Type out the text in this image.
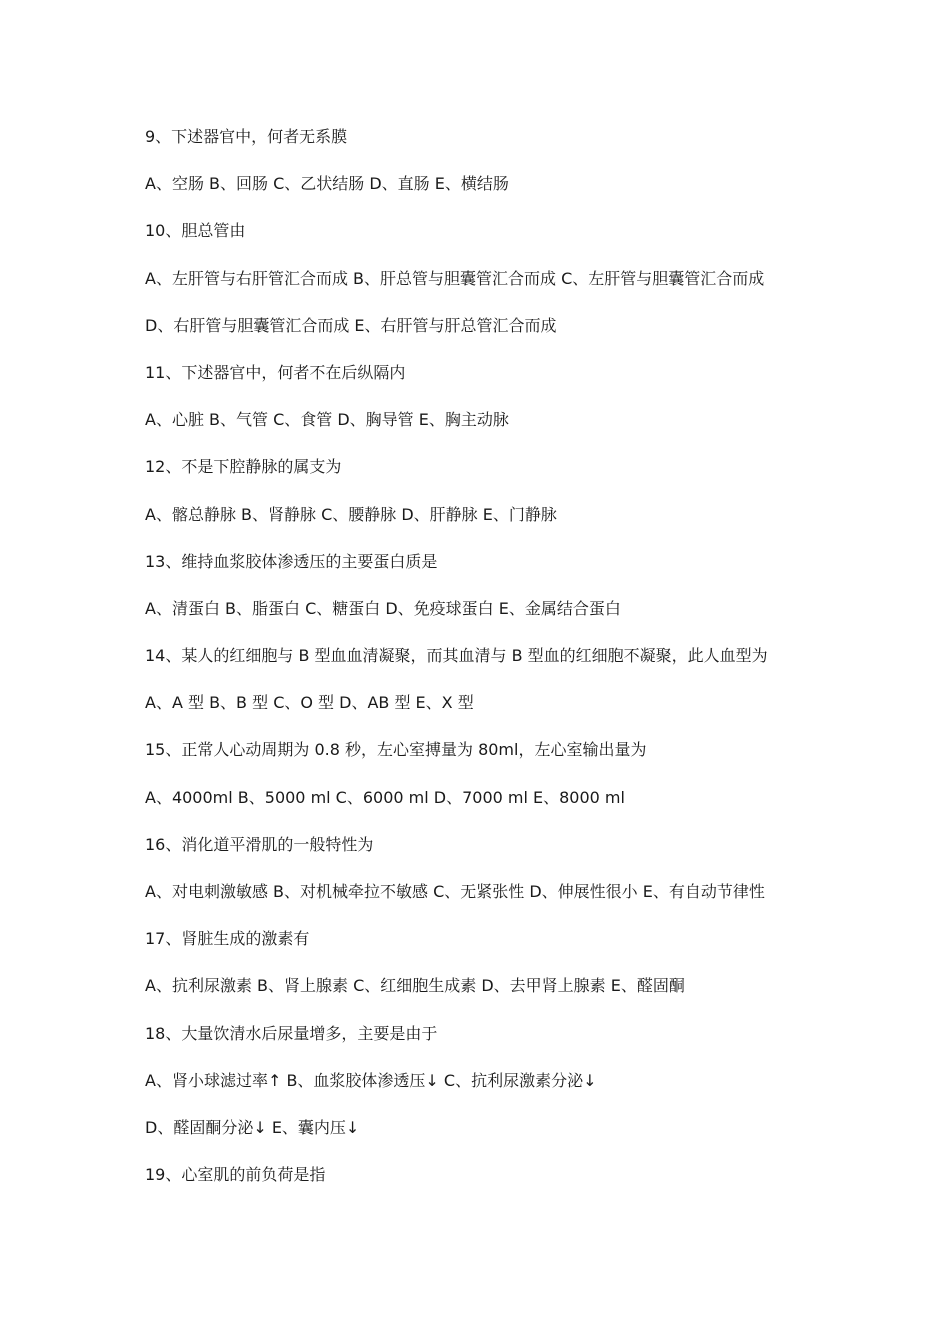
9、下述器官中，何者无系膜
A、空肠 B、回肠 C、乙状结肠 D、直肠 E、横结肠
10、胆总管由
A、左肝管与右肝管汇合而成 B、肝总管与胆囊管汇合而成 C、左肝管与胆囊管汇合而成
D、右肝管与胆囊管汇合而成 E、右肝管与肝总管汇合而成
11、下述器官中，何者不在后纵隔内
A、心脏 B、气管 C、食管 D、胸导管 E、胸主动脉
12、不是下腔静脉的属支为
A、髂总静脉 B、肾静脉 C、腰静脉 D、肝静脉 E、门静脉
13、维持血浆胶体渗透压的主要蛋白质是
A、清蛋白 B、脂蛋白 C、糖蛋白 D、免疫球蛋白 E、金属结合蛋白
14、某人的红细胞与 B 型血血清凝聚，而其血清与 B 型血的红细胞不凝聚，此人血型为
A、A 型 B、B 型 C、O 型 D、AB 型 E、X 型
15、正常人心动周期为 0.8 秒，左心室搏量为 80ml，左心室输出量为
A、4000ml B、5000 ml C、6000 ml D、7000 ml E、8000 ml
16、消化道平滑肌的一般特性为
A、对电刺激敏感 B、对机械牵拉不敏感 C、无紧张性 D、伸展性很小 E、有自动节律性
17、肾脏生成的激素有
A、抗利尿激素 B、肾上腺素 C、红细胞生成素 D、去甲肾上腺素 E、醛固酮
18、大量饮清水后尿量增多，主要是由于
A、肾小球滤过率↑ B、血浆胶体渗透压↓ C、抗利尿激素分泌↓
D、醛固酮分泌↓ E、囊内压↓
19、心室肌的前负荷是指
